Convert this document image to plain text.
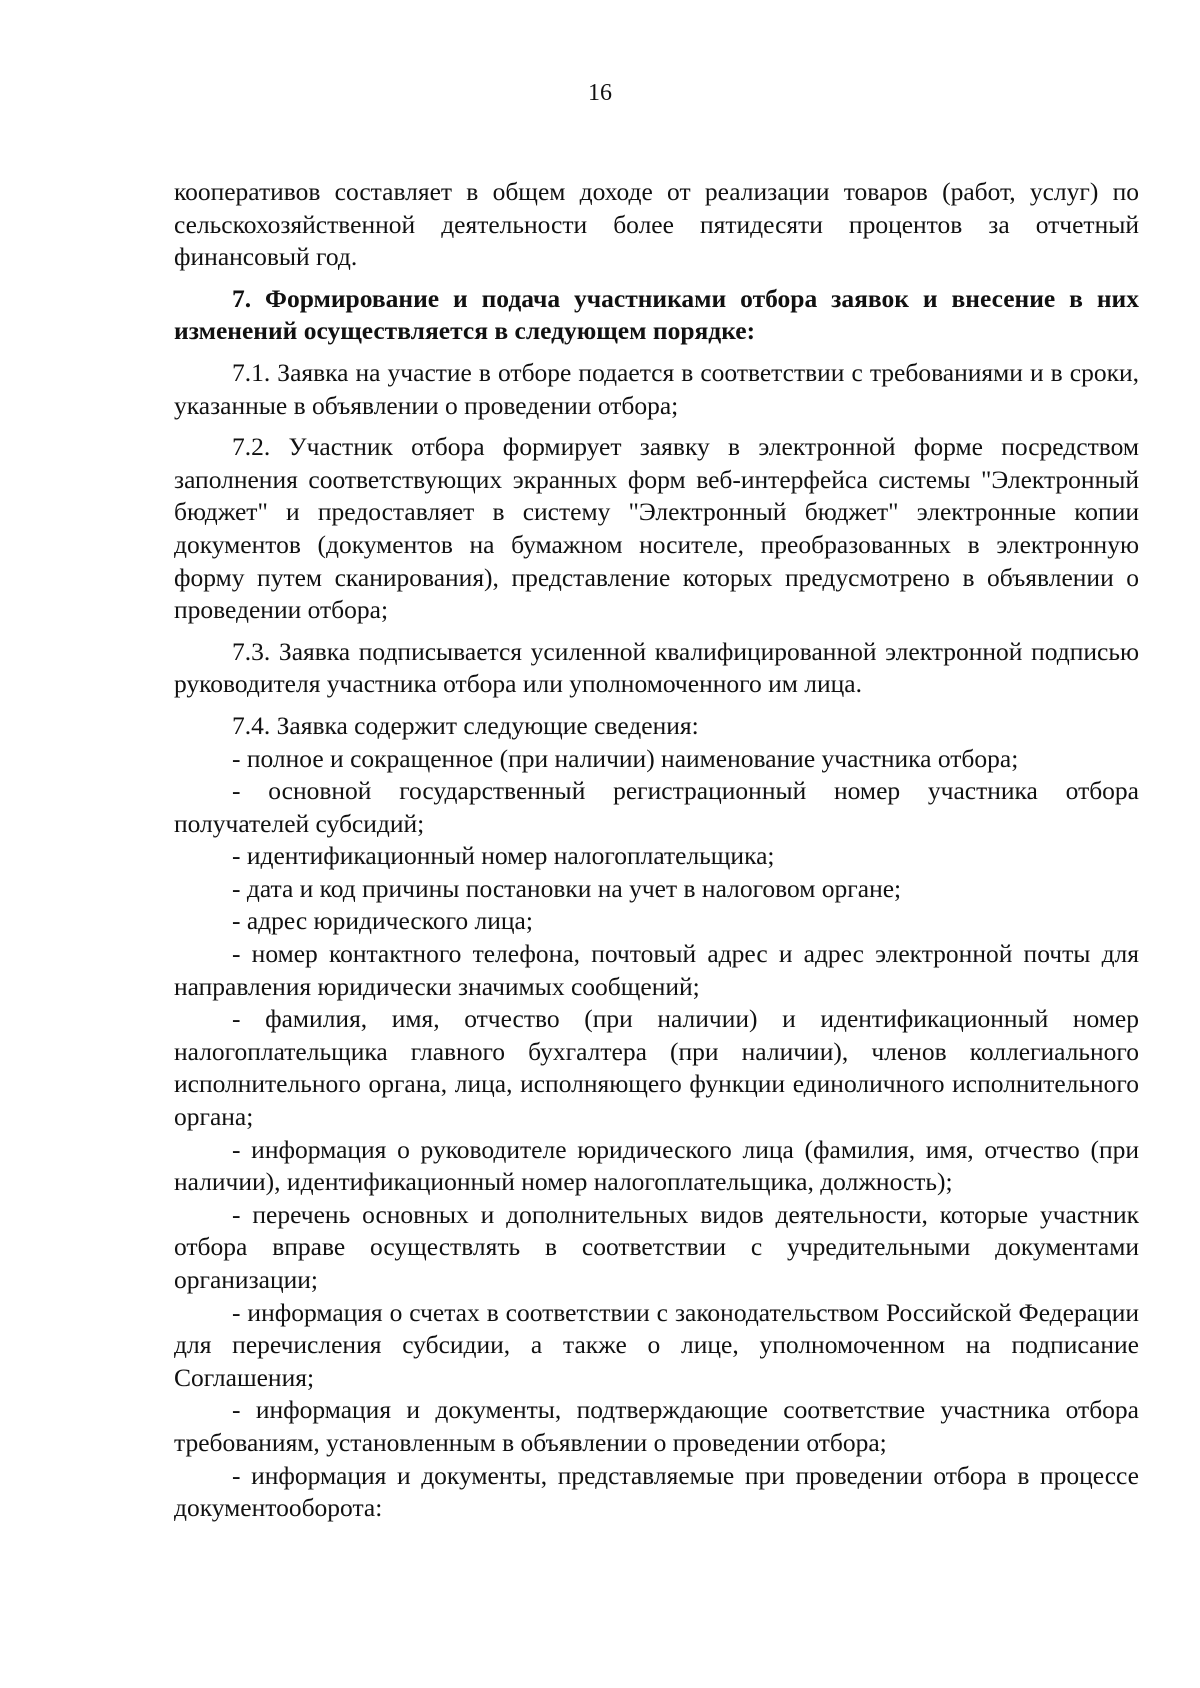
16

кооперативов составляет в общем доходе от реализации товаров (работ, услуг) по сельскохозяйственной деятельности более пятидесяти процентов за отчетный финансовый год.

7. Формирование и подача участниками отбора заявок и внесение в них изменений осуществляется в следующем порядке:

7.1. Заявка на участие в отборе подается в соответствии с требованиями и в сроки, указанные в объявлении о проведении отбора;

7.2. Участник отбора формирует заявку в электронной форме посредством заполнения соответствующих экранных форм веб-интерфейса системы "Электронный бюджет" и предоставляет в систему "Электронный бюджет" электронные копии документов (документов на бумажном носителе, преобразованных в электронную форму путем сканирования), представление которых предусмотрено в объявлении о проведении отбора;

7.3. Заявка подписывается усиленной квалифицированной электронной подписью руководителя участника отбора или уполномоченного им лица.

7.4. Заявка содержит следующие сведения:

- полное и сокращенное (при наличии) наименование участника отбора;

- основной государственный регистрационный номер участника отбора получателей субсидий;

- идентификационный номер налогоплательщика;

- дата и код причины постановки на учет в налоговом органе;

- адрес юридического лица;

- номер контактного телефона, почтовый адрес и адрес электронной почты для направления юридически значимых сообщений;

- фамилия, имя, отчество (при наличии) и идентификационный номер налогоплательщика главного бухгалтера (при наличии), членов коллегиального исполнительного органа, лица, исполняющего функции единоличного исполнительного органа;

- информация о руководителе юридического лица (фамилия, имя, отчество (при наличии), идентификационный номер налогоплательщика, должность);

- перечень основных и дополнительных видов деятельности, которые участник отбора вправе осуществлять в соответствии с учредительными документами организации;

- информация о счетах в соответствии с законодательством Российской Федерации для перечисления субсидии, а также о лице, уполномоченном на подписание Соглашения;

- информация и документы, подтверждающие соответствие участника отбора требованиям, установленным в объявлении о проведении отбора;

- информация и документы, представляемые при проведении отбора в процессе документооборота:
